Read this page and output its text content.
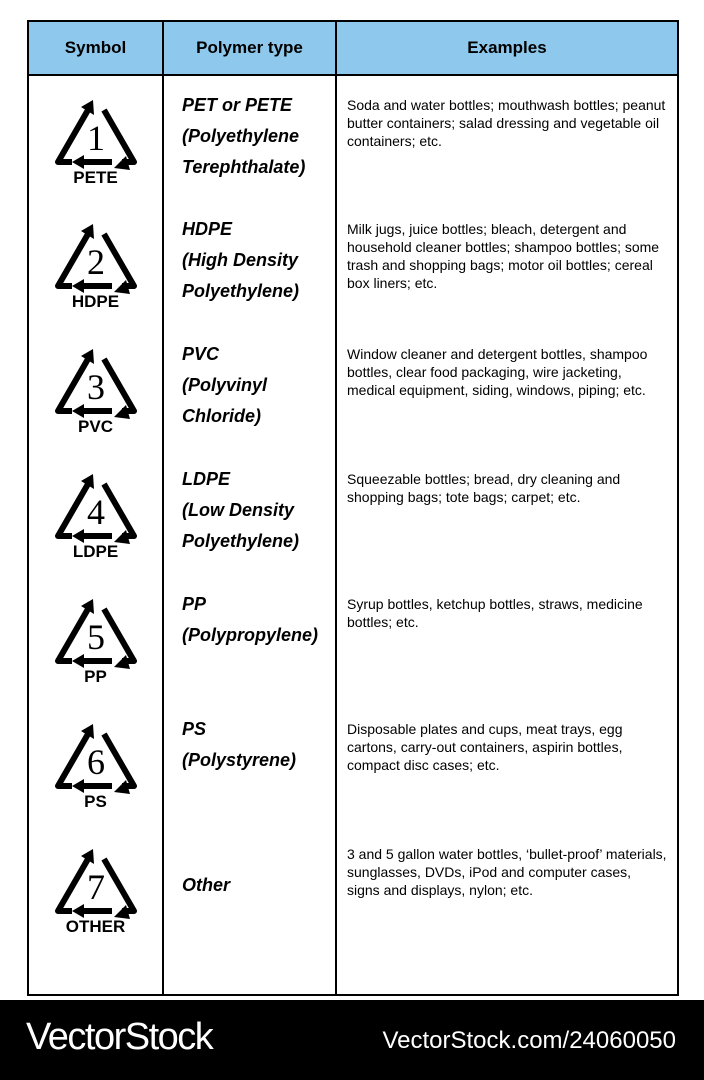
Symbol	Polymer type	Examples

1
PETE	PET or PETE
(Polyethylene
Terephthalate)	Soda and water bottles; mouthwash bottles; peanut butter containers; salad dressing and vegetable oil containers; etc.

2
HDPE	HDPE
(High Density
Polyethylene)	Milk jugs, juice bottles; bleach, detergent and household cleaner bottles; shampoo bottles; some trash and shopping bags; motor oil bottles; cereal box liners; etc.

3
PVC	PVC
(Polyvinyl
Chloride)	Window cleaner and detergent bottles, shampoo bottles, clear food packaging, wire jacketing, medical equipment, siding, windows, piping; etc.

4
LDPE	LDPE
(Low Density
Polyethylene)	Squeezable bottles; bread, dry cleaning and shopping bags; tote bags; carpet; etc.

5
PP	PP
(Polypropylene)	Syrup bottles, ketchup bottles, straws, medicine bottles; etc.

6
PS	PS
(Polystyrene)	Disposable plates and cups, meat trays, egg cartons, carry-out containers, aspirin bottles, compact disc cases; etc.

7
OTHER	Other	3 and 5 gallon water bottles, ‘bullet-proof’ materials, sunglasses, DVDs, iPod and computer cases, signs and displays, nylon; etc.
VectorStock	VectorStock.com/24060050
